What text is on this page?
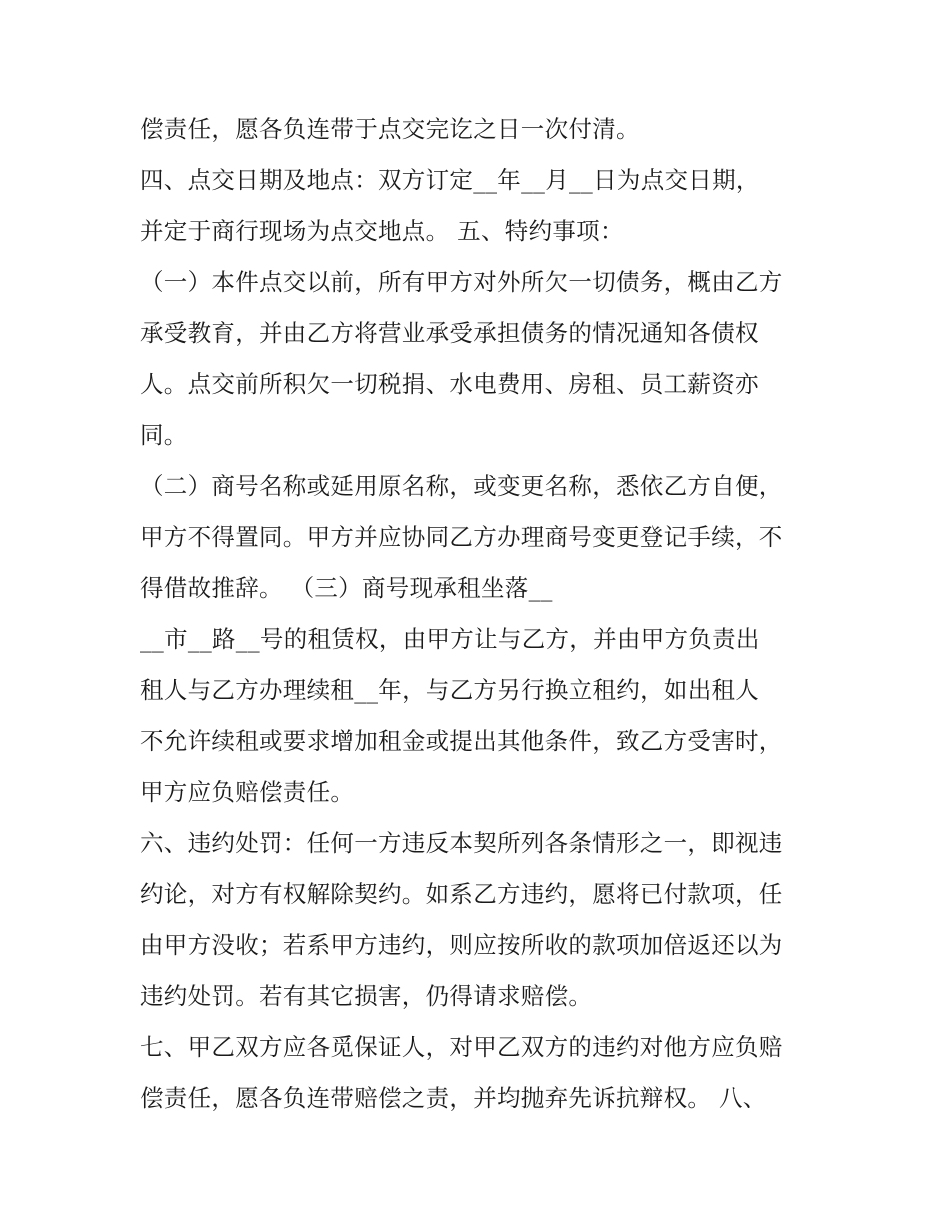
偿责任，愿各负连带于点交完讫之日一次付清。
四、点交日期及地点：双方订定__年__月__日为点交日期，
并定于商行现场为点交地点。 五、特约事项：
（一）本件点交以前，所有甲方对外所欠一切债务，概由乙方
承受教育，并由乙方将营业承受承担债务的情况通知各债权
人。点交前所积欠一切税捐、水电费用、房租、员工薪资亦
同。
（二）商号名称或延用原名称，或变更名称，悉依乙方自便，
甲方不得置同。甲方并应协同乙方办理商号变更登记手续，不
得借故推辞。 （三）商号现承租坐落__
__市__路__号的租赁权，由甲方让与乙方，并由甲方负责出
租人与乙方办理续租__年，与乙方另行换立租约，如出租人
不允许续租或要求增加租金或提出其他条件，致乙方受害时，
甲方应负赔偿责任。
六、违约处罚：任何一方违反本契所列各条情形之一，即视违
约论，对方有权解除契约。如系乙方违约，愿将已付款项，任
由甲方没收；若系甲方违约，则应按所收的款项加倍返还以为
违约处罚。若有其它损害，仍得请求赔偿。
七、甲乙双方应各觅保证人，对甲乙双方的违约对他方应负赔
偿责任，愿各负连带赔偿之责，并均抛弃先诉抗辩权。 八、
